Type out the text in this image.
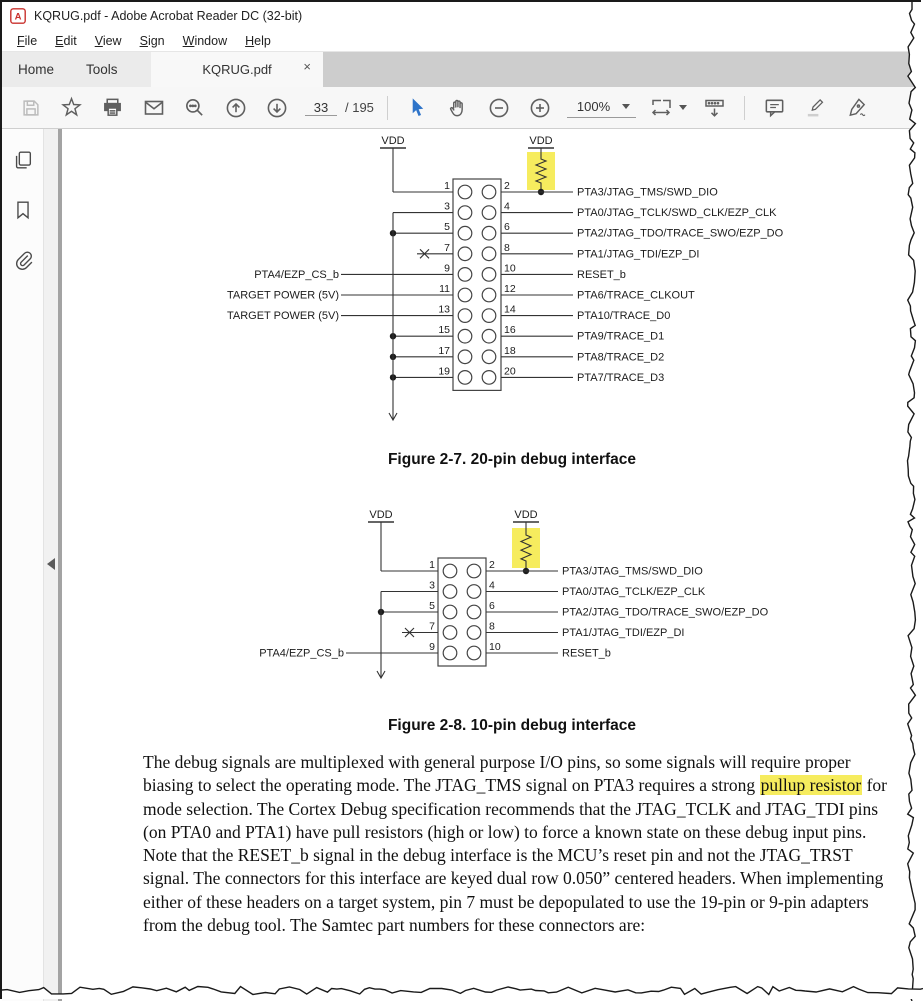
A KQRUG.pdf - Adobe Acrobat Reader DC (32-bit)
File	Edit	View	Sign	Window	Help
Home	Tools	KQRUG.pdf ×
33
/ 195	100%
VDD	VDD
1	2
PTA3/JTAG_TMS/SWD_DIO
3	4
PTA0/JTAG_TCLK/SWD_CLK/EZP_CLK
5	6
PTA2/JTAG_TDO/TRACE_SWO/EZP_DO
7	8
PTA1/JTAG_TDI/EZP_DI
9	10
RESET_b
PTA4/EZP_CS_b
11	12
PTA6/TRACE_CLKOUT
TARGET POWER (5V)
13	14
PTA10/TRACE_D0
TARGET POWER (5V)
15	16
PTA9/TRACE_D1
17	18
PTA8/TRACE_D2
19	20
PTA7/TRACE_D3
Figure 2-7. 20-pin debug interface
VDD	VDD
1	2
PTA3/JTAG_TMS/SWD_DIO
3	4
PTA0/JTAG_TCLK/EZP_CLK
5	6
PTA2/JTAG_TDO/TRACE_SWO/EZP_DO
7	8
PTA1/JTAG_TDI/EZP_DI
9	10
RESET_b
PTA4/EZP_CS_b
Figure 2-8. 10-pin debug interface

The debug signals are multiplexed with general purpose I/O pins, so some signals will require proper biasing to select the operating mode. The JTAG_TMS signal on PTA3 requires a strong pullup resistor for mode selection. The Cortex Debug specification recommends that the JTAG_TCLK and JTAG_TDI pins (on PTA0 and PTA1) have pull resistors (high or low) to force a known state on these debug input pins. Note that the RESET_b signal in the debug interface is the MCU’s reset pin and not the JTAG_TRST signal. The connectors for this interface are keyed dual row 0.050” centered headers. When implementing either of these headers on a target system, pin 7 must be depopulated to use the 19-pin or 9-pin adapters from the debug tool. The Samtec part numbers for these connectors are:
